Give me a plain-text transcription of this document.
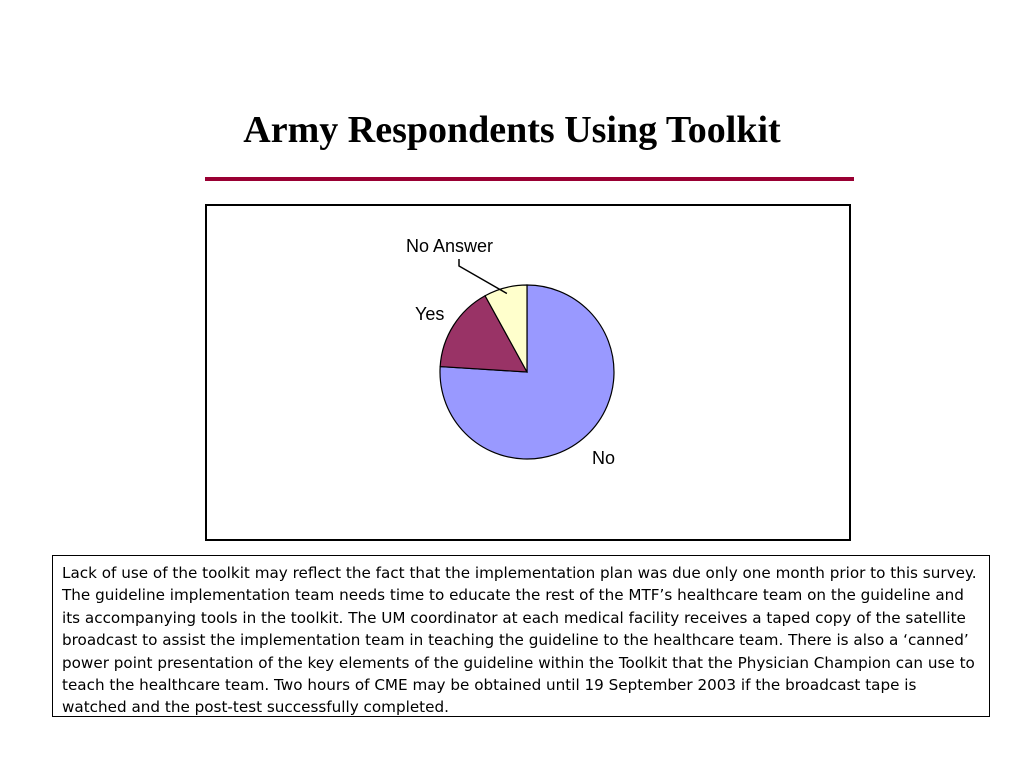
Army Respondents Using Toolkit
No
Yes
No Answer

Lack of use of the toolkit may reflect the fact that the implementation plan was due only one month prior to this survey. The guideline implementation team needs time to educate the rest of the MTF’s healthcare team on the guideline and its accompanying tools in the toolkit. The UM coordinator at each medical facility receives a taped copy of the satellite broadcast to assist the implementation team in teaching the guideline to the healthcare team. There is also a ‘canned’ power point presentation of the key elements of the guideline within the Toolkit that the Physician Champion can use to teach the healthcare team. Two hours of CME may be obtained until 19 September 2003 if the broadcast tape is watched and the post-test successfully completed.
